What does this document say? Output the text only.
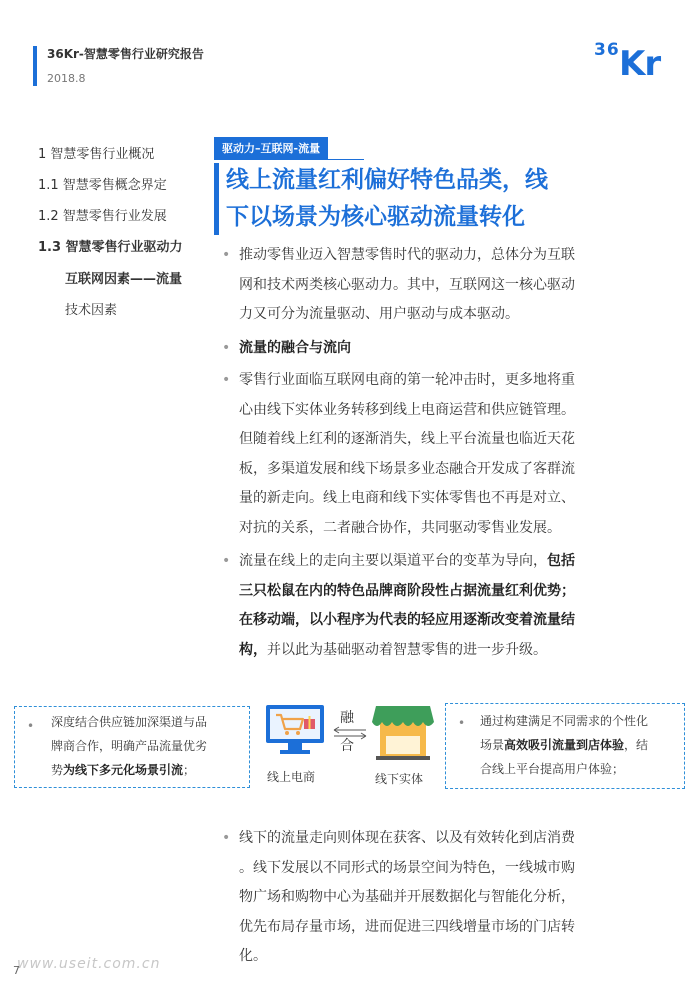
36Kr-智慧零售行业研究报告
2018.8
36 Kr
1 智慧零售行业概况
1.1 智慧零售概念界定
1.2 智慧零售行业发展
1.3 智慧零售行业驱动力
互联网因素——流量
技术因素
驱动力–互联网-流量
线上流量红利偏好特色品类，线
下以场景为核心驱动流量转化
• 推动零售业迈入智慧零售时代的驱动力，总体分为互联
网和技术两类核心驱动力。其中，互联网这一核心驱动
力又可分为流量驱动、用户驱动与成本驱动。
• 流量的融合与流向
• 零售行业面临互联网电商的第一轮冲击时，更多地将重
心由线下实体业务转移到线上电商运营和供应链管理。
但随着线上红利的逐渐消失，线上平台流量也临近天花
板，多渠道发展和线下场景多业态融合开发成了客群流
量的新走向。线上电商和线下实体零售也不再是对立、
对抗的关系，二者融合协作，共同驱动零售业发展。
• 流量在线上的走向主要以渠道平台的变革为导向，包括
三只松鼠在内的特色品牌商阶段性占据流量红利优势；
在移动端，以小程序为代表的轻应用逐渐改变着流量结
构，并以此为基础驱动着智慧零售的进一步升级。
• 深度结合供应链加深渠道与品
牌商合作，明确产品流量优劣
势为线下多元化场景引流；
• 通过构建满足不同需求的个性化
场景高效吸引流量到店体验，结
合线上平台提高用户体验；
线上电商
融
合
线下实体
• 线下的流量走向则体现在获客、以及有效转化到店消费
。线下发展以不同形式的场景空间为特色，一线城市购
物广场和购物中心为基础并开展数据化与智能化分析，
优先布局存量市场，进而促进三四线增量市场的门店转
化。
www.useit.com.cn
7
